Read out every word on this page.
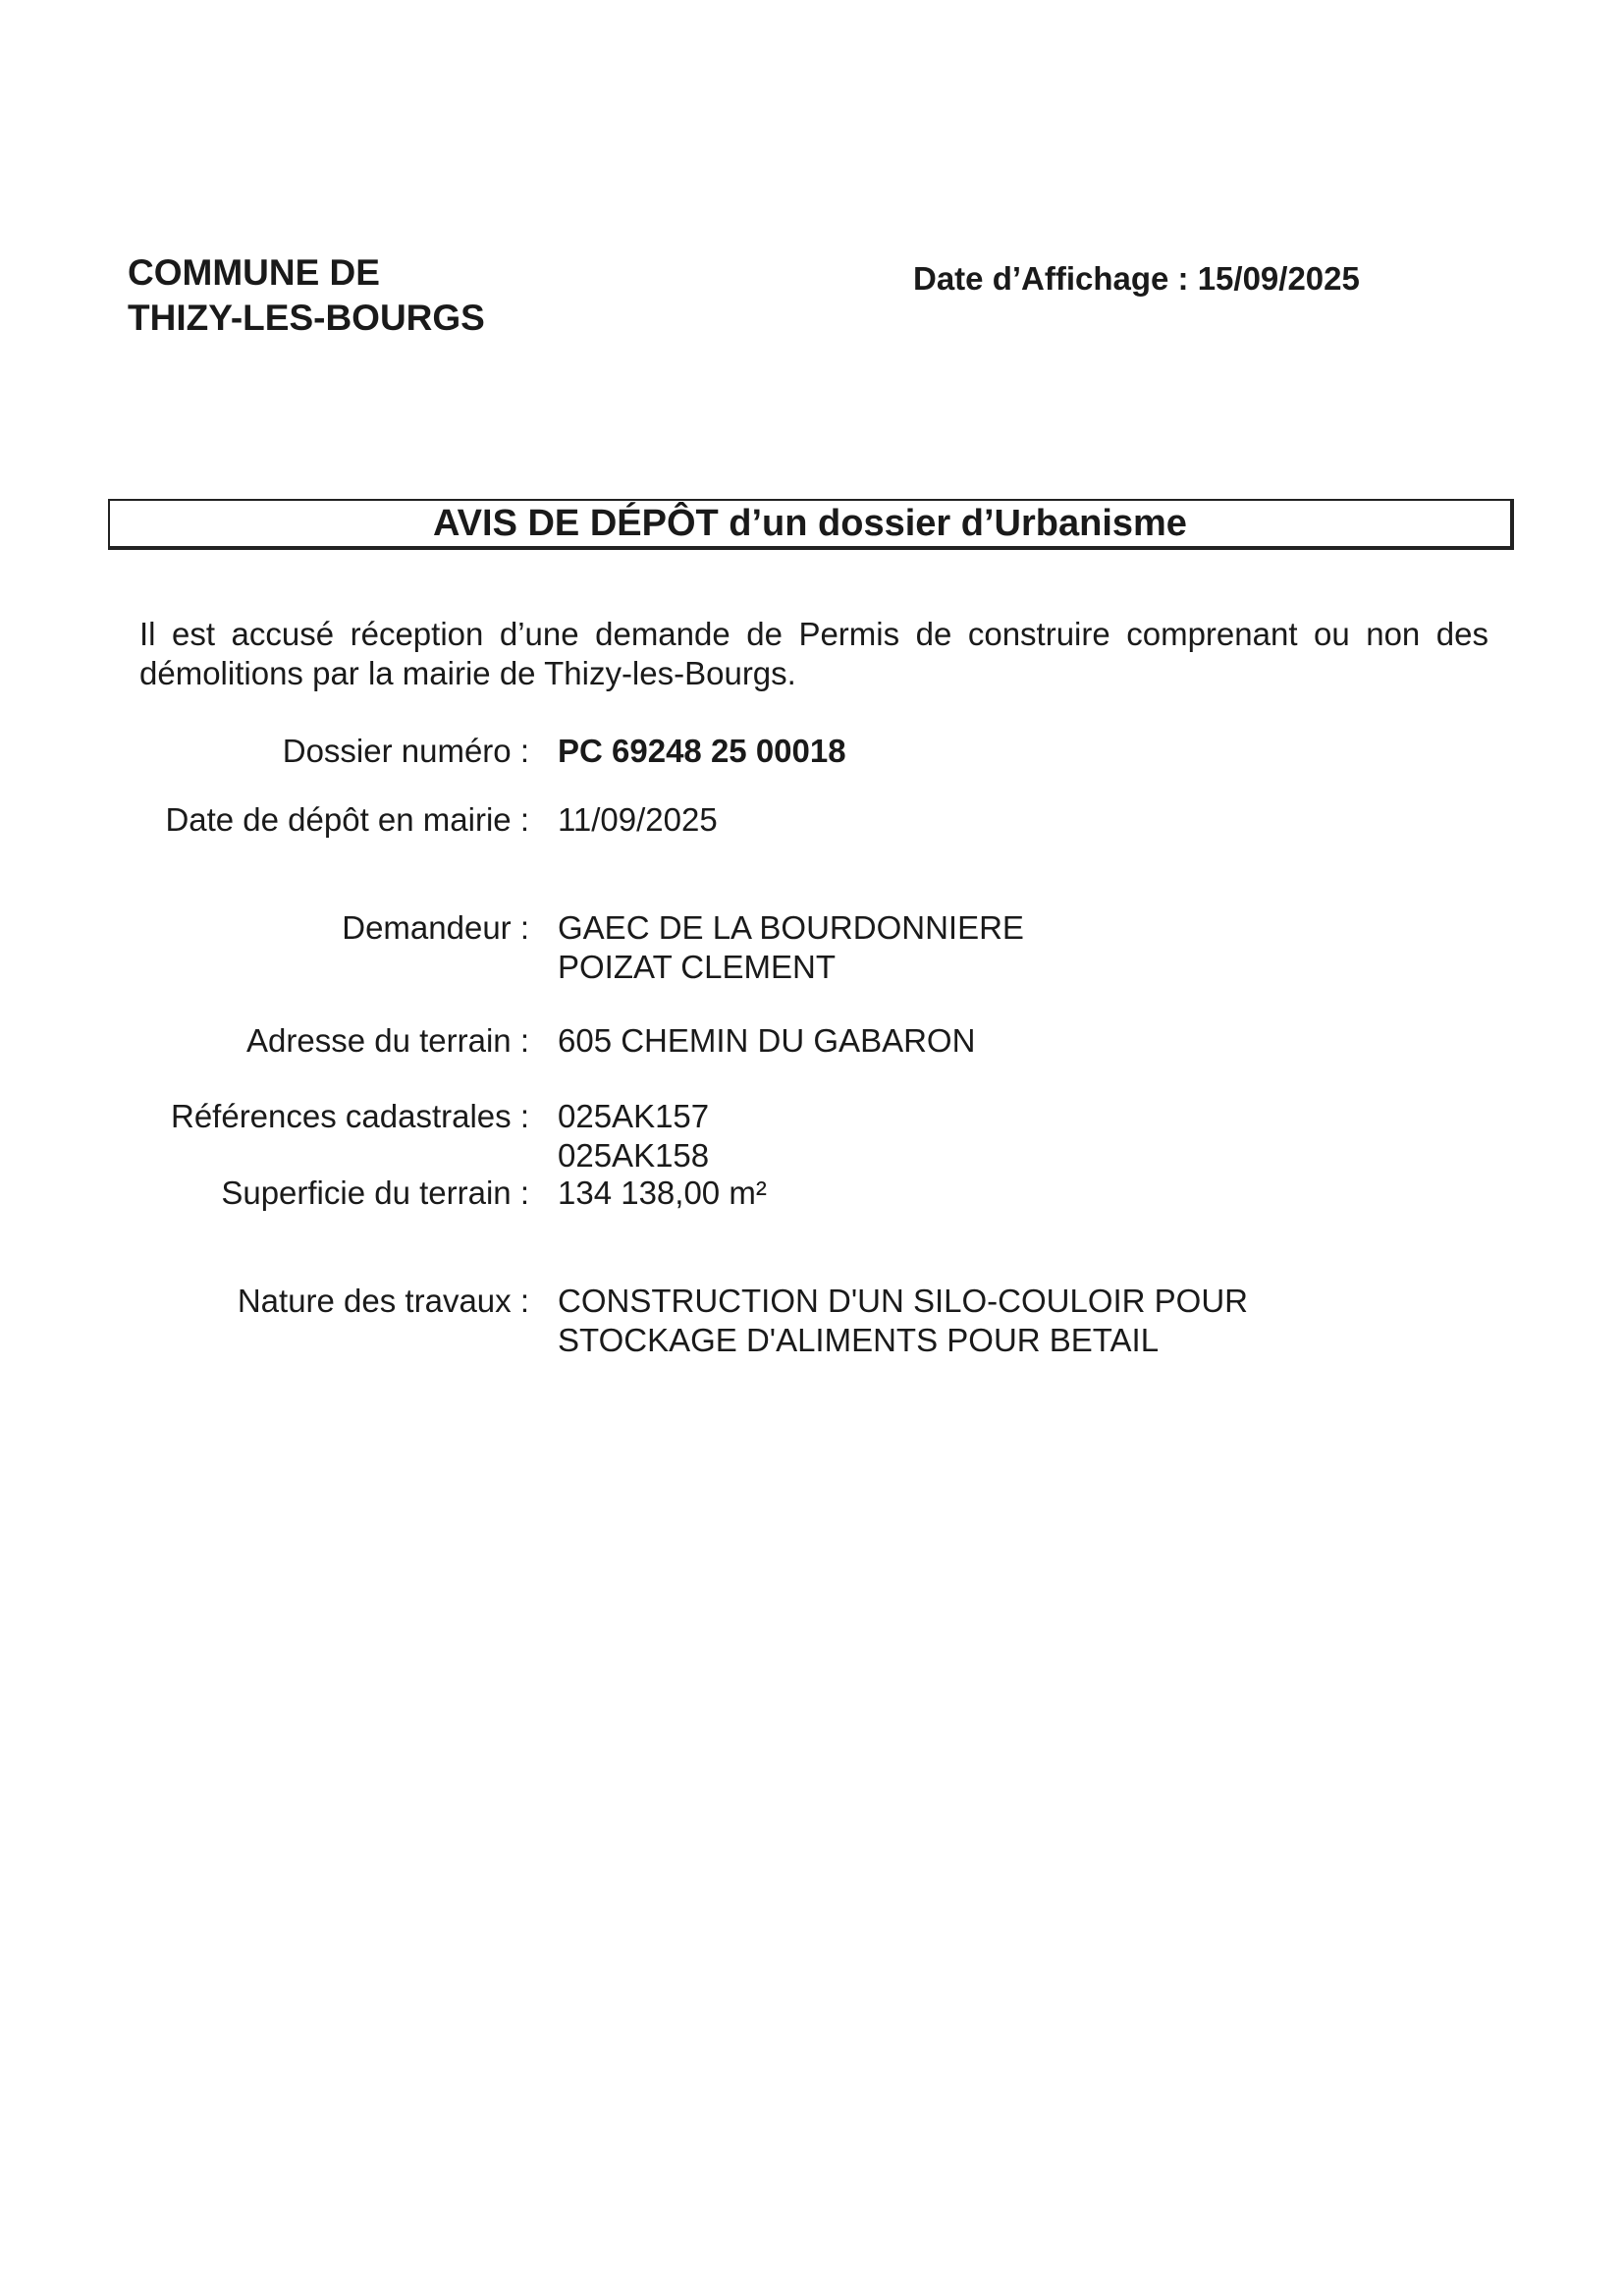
COMMUNE DE
THIZY-LES-BOURGS
Date d’Affichage : 15/09/2025
AVIS DE DÉPÔT d’un dossier d’Urbanisme
Il est accusé réception d’une demande de Permis de construire comprenant ou non des
démolitions par la mairie de Thizy-les-Bourgs.
Dossier numéro : PC 69248 25 00018
Date de dépôt en mairie : 11/09/2025
Demandeur : GAEC DE LA BOURDONNIERE
POIZAT CLEMENT
Adresse du terrain : 605 CHEMIN DU GABARON
Références cadastrales : 025AK157
025AK158
Superficie du terrain : 134 138,00 m²
Nature des travaux : CONSTRUCTION D'UN SILO-COULOIR POUR
STOCKAGE D'ALIMENTS POUR BETAIL
